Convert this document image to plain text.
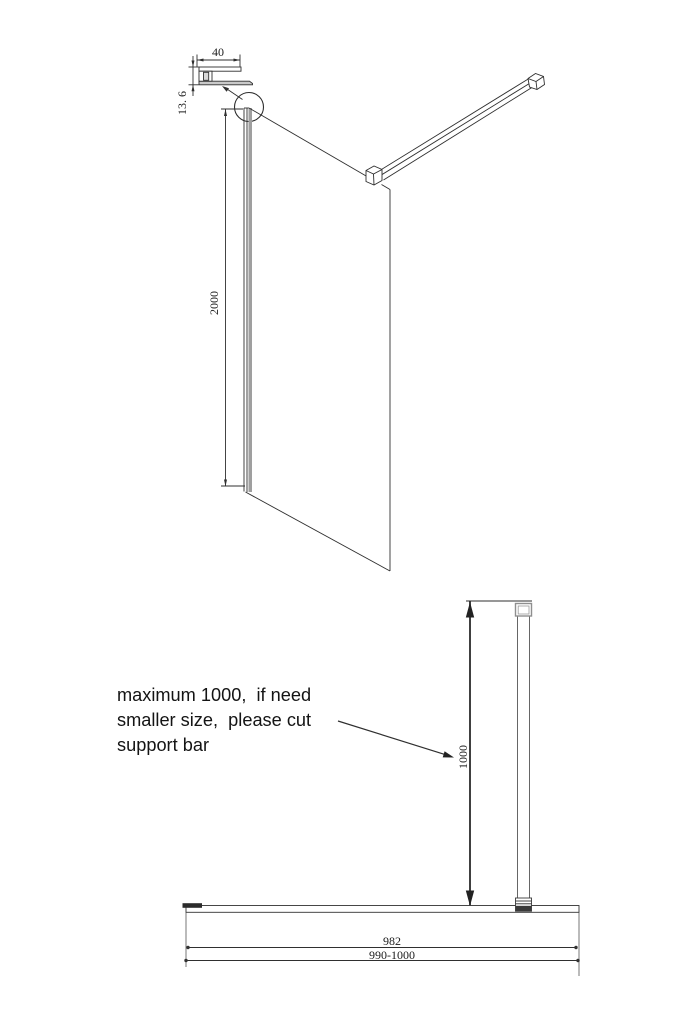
40
13. 6
2000
1000
982
990-1000
maximum 1000,  if need
smaller size,  please cut
support bar
